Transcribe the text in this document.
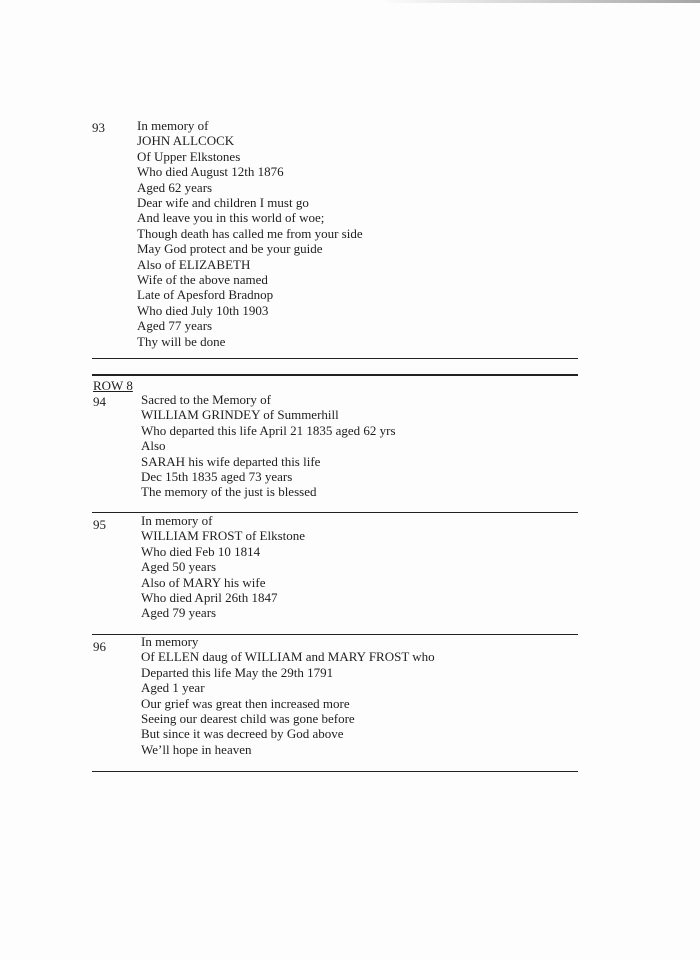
93 In memory of
JOHN ALLCOCK
Of Upper Elkstones
Who died August 12th 1876
Aged 62 years
Dear wife and children I must go
And leave you in this world of woe;
Though death has called me from your side
May God protect and be your guide
Also of ELIZABETH
Wife of the above named
Late of Apesford Bradnop
Who died July 10th 1903
Aged 77 years
Thy will be done
ROW 8
94	Sacred to the Memory of
WILLIAM GRINDEY of Summerhill
Who departed this life April 21 1835 aged 62 yrs
Also
SARAH his wife departed this life
Dec 15th 1835 aged 73 years
The memory of the just is blessed
95	In memory of
WILLIAM FROST of Elkstone
Who died Feb 10 1814
Aged 50 years
Also of MARY his wife
Who died April 26th 1847
Aged 79 years
96	In memory
Of ELLEN daug of WILLIAM and MARY FROST who
Departed this life May the 29th 1791
Aged 1 year
Our grief was great then increased more
Seeing our dearest child was gone before
But since it was decreed by God above
We’ll hope in heaven
